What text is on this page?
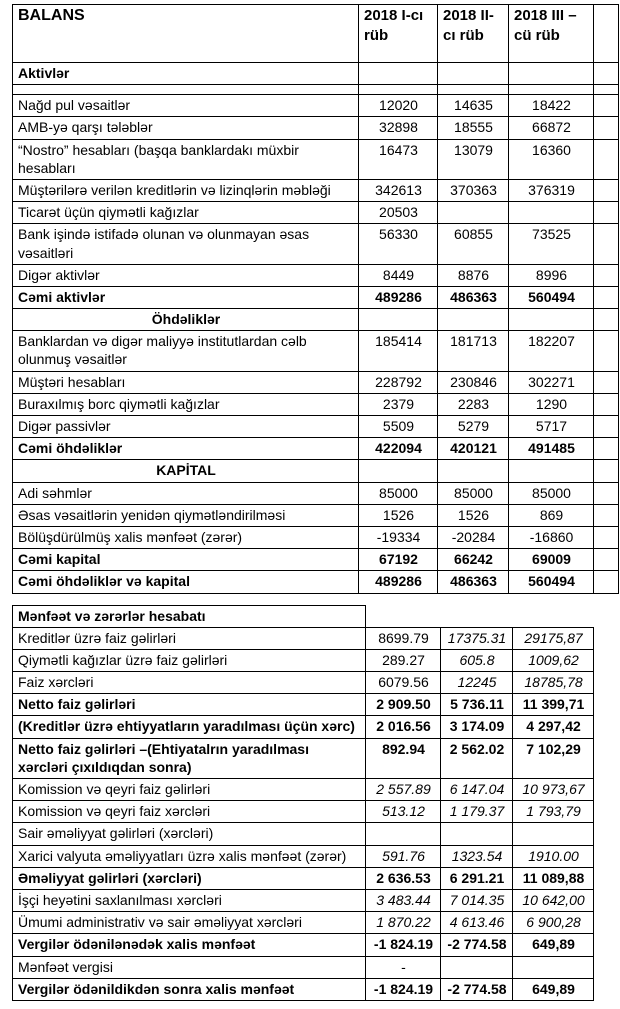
BALANS	2018 I-cı rüb	2018 II-cı rüb	2018 III –cü rüb	
Aktivlər				

Nağd pul vəsaitlər	12020	14635	18422	
AMB-yə qarşı tələblər	32898	18555	66872	
“Nostro” hesabları (başqa banklardakı müxbir hesabları	16473	13079	16360	
Müştərilərə verilən kreditlərin və lizinqlərin məbləği	342613	370363	376319	
Ticarət üçün qiymətli kağızlar	20503			
Bank işində istifadə olunan və olunmayan əsas vəsaitləri	56330	60855	73525	
Digər aktivlər	8449	8876	8996	
Cəmi aktivlər	489286	486363	560494	
Öhdəliklər				
Banklardan və digər maliyyə institutlardan cəlb olunmuş vəsaitlər	185414	181713	182207	
Müştəri hesabları	228792	230846	302271	
Buraxılmış borc qiymətli kağızlar	2379	2283	1290	
Digər passivlər	5509	5279	5717	
Cəmi öhdəliklər	422094	420121	491485	
KAPİTAL				
Adi səhmlər	85000	85000	85000	
Əsas vəsaitlərin yenidən qiymətləndirilməsi	1526	1526	869	
Bölüşdürülmüş xalis mənfəət (zərər)	-19334	-20284	-16860	
Cəmi kapital	67192	66242	69009	
Cəmi öhdəliklər və kapital	489286	486363	560494	
Mənfəət və zərərlər hesabatı			
Kreditlər üzrə faiz gəlirləri	8699.79	17375.31	29175,87
Qiymətli kağızlar üzrə faiz gəlirləri	289.27	605.8	1009,62
Faiz xərcləri	6079.56	12245	18785,78
Netto faiz gəlirləri	2 909.50	5 736.11	11 399,71
(Kreditlər üzrə ehtiyyatların yaradılması üçün xərc)	2 016.56	3 174.09	4 297,42
Netto faiz gəlirləri –(Ehtiyatalrın yaradılması xərcləri çıxıldıqdan sonra)	892.94	2 562.02	7 102,29
Komission və qeyri faiz gəlirləri	2 557.89	6 147.04	10 973,67
Komission və qeyri faiz xərcləri	513.12	1 179.37	1 793,79
Sair əməliyyat gəlirləri (xərcləri)			
Xarici valyuta əməliyyatları üzrə xalis mənfəət (zərər)	591.76	1323.54	1910.00
Əməliyyat gəlirləri (xərcləri)	2 636.53	6 291.21	11 089,88
İşçi heyətini saxlanılması xərcləri	3 483.44	7 014.35	10 642,00
Ümumi administrativ və sair əməliyyat xərcləri	1 870.22	4 613.46	6 900,28
Vergilər ödənilənədək xalis mənfəət	-1 824.19	-2 774.58	649,89
Mənfəət vergisi	-		
Vergilər ödənildikdən sonra xalis mənfəət	-1 824.19	-2 774.58	649,89
